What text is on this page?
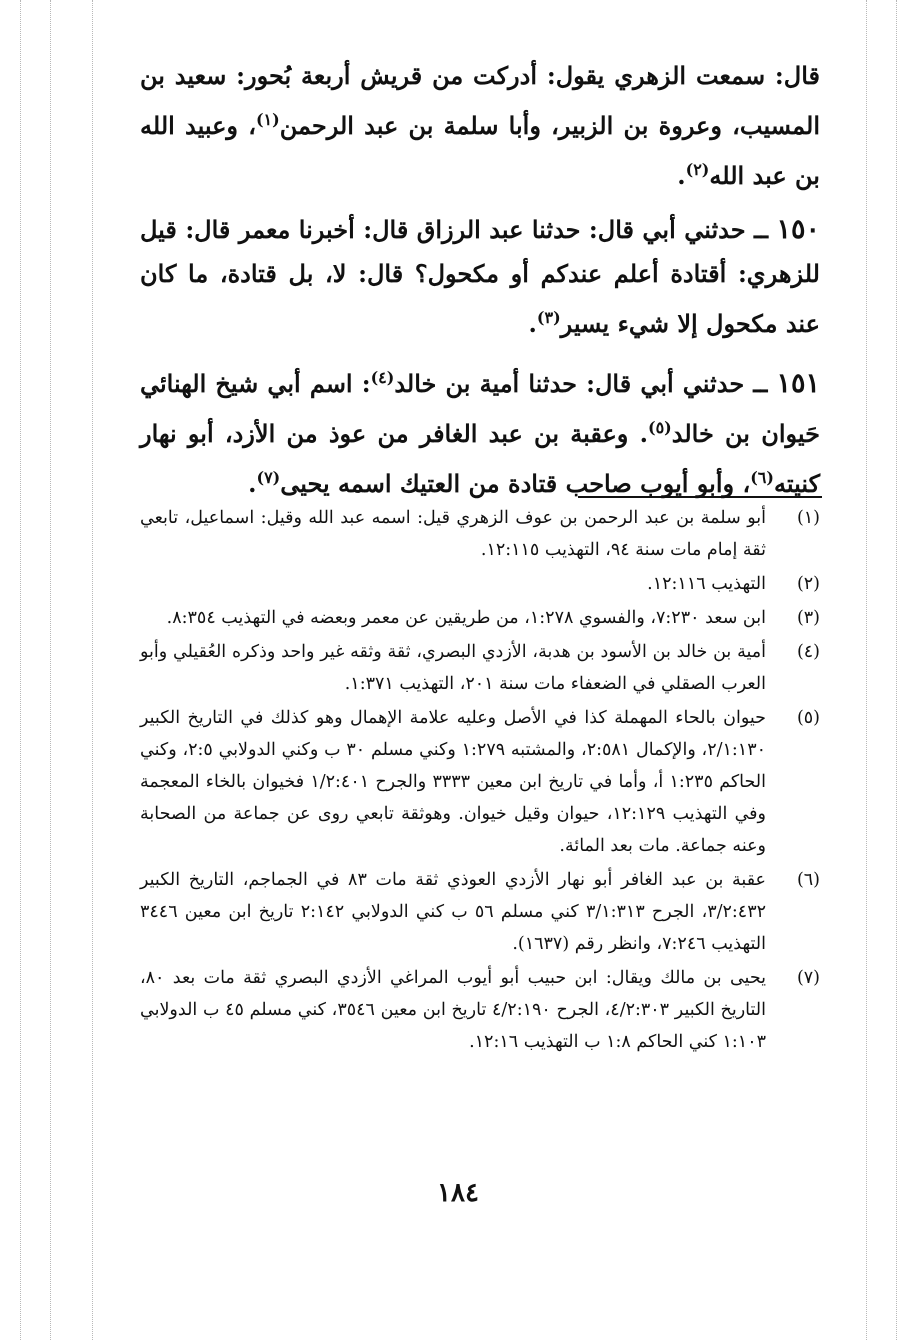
قال: سمعت الزهري يقول: أدركت من قريش أربعة بُحور: سعيد بن المسيب، وعروة بن الزبير، وأبا سلمة بن عبد الرحمن$^{(١)}$، وعبيد الله بن عبد الله$^{(٢)}$.

١٥٠ ــ حدثني أبي قال: حدثنا عبد الرزاق قال: أخبرنا معمر قال: قيل للزهري: أقتادة أعلم عندكم أو مكحول؟ قال: لا، بل قتادة، ما كان عند مكحول إلا شيء يسير$^{(٣)}$.

١٥١ ــ حدثني أبي قال: حدثنا أمية بن خالد$^{(٤)}$: اسم أبي شيخ الهنائي حَيوان بن خالد$^{(٥)}$. وعقبة بن عبد الغافر من عوذ من الأزد، أبو نهار كنيته$^{(٦)}$، وأبو أيوب صاحب قتادة من العتيك اسمه يحيى$^{(٧)}$.

(١)
أبو سلمة بن عبد الرحمن بن عوف الزهري قيل: اسمه عبد الله وقيل: اسماعيل، تابعي ثقة إمام مات سنة ٩٤، التهذيب ١٢:١١٥.
(٢)
التهذيب ١٢:١١٦.
(٣)
ابن سعد ٧:٢٣٠، والفسوي ١:٢٧٨، من طريقين عن معمر وبعضه في التهذيب ٨:٣٥٤.
(٤)
أمية بن خالد بن الأسود بن هدبة، الأزدي البصري، ثقة وثقه غير واحد وذكره العُقيلي وأبو العرب الصقلي في الضعفاء مات سنة ٢٠١، التهذيب ١:٣٧١.
(٥)
حيوان بالحاء المهملة كذا في الأصل وعليه علامة الإهمال وهو كذلك في التاريخ الكبير ٢/١:١٣٠، والإكمال ٢:٥٨١، والمشتبه ١:٢٧٩ وكني مسلم ٣٠ ب وكني الدولابي ٢:٥، وكني الحاكم ١:٢٣٥ أ، وأما في تاريخ ابن معين ٣٣٣٣ والجرح ١/٢:٤٠١ فخيوان بالخاء المعجمة وفي التهذيب ١٢:١٢٩، حيوان وقيل خيوان. وهوثقة تابعي روى عن جماعة من الصحابة وعنه جماعة. مات بعد المائة.
(٦)
عقبة بن عبد الغافر أبو نهار الأزدي العوذي ثقة مات ٨٣ في الجماجم، التاريخ الكبير ٣/٢:٤٣٢، الجرح ٣/١:٣١٣ كني مسلم ٥٦ ب كني الدولابي ٢:١٤٢ تاريخ ابن معين ٣٤٤٦ التهذيب ٧:٢٤٦، وانظر رقم (١٦٣٧).
(٧)
يحيى بن مالك ويقال: ابن حبيب أبو أيوب المراغي الأزدي البصري ثقة مات بعد ٨٠، التاريخ الكبير ٤/٢:٣٠٣، الجرح ٤/٢:١٩٠ تاريخ ابن معين ٣٥٤٦، كني مسلم ٤٥ ب الدولابي ١:١٠٣ كني الحاكم ١:٨ ب التهذيب ١٢:١٦.
١٨٤
